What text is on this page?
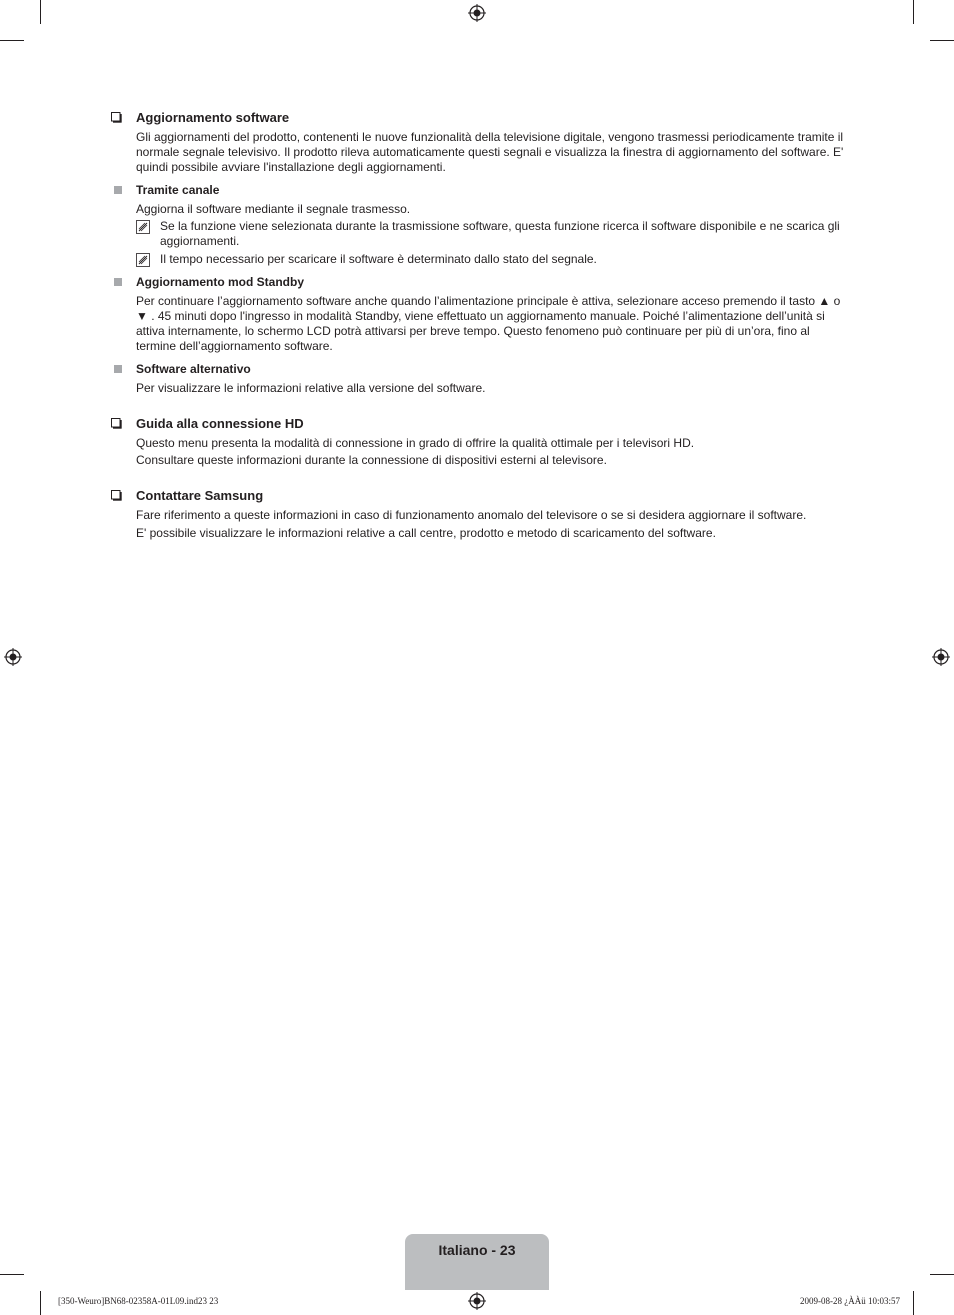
Aggiornamento software
Gli aggiornamenti del prodotto, contenenti le nuove funzionalità della televisione digitale, vengono trasmessi periodicamente tramite il normale segnale televisivo. Il prodotto rileva automaticamente questi segnali e visualizza la finestra di aggiornamento del software. E' quindi possibile avviare l'installazione degli aggiornamenti.
Tramite canale
Aggiorna il software mediante il segnale trasmesso.
Se la funzione viene selezionata durante la trasmissione software, questa funzione ricerca il software disponibile e ne scarica gli aggiornamenti.
Il tempo necessario per scaricare il software è determinato dallo stato del segnale.
Aggiornamento mod Standby
Per continuare l’aggiornamento software anche quando l’alimentazione principale è attiva, selezionare acceso premendo il tasto ▲ o ▼ . 45 minuti dopo l'ingresso in modalità Standby, viene effettuato un aggiornamento manuale. Poiché l’alimentazione dell’unità si attiva internamente, lo schermo LCD potrà attivarsi per breve tempo. Questo fenomeno può continuare per più di un’ora, fino al termine dell’aggiornamento software.
Software alternativo
Per visualizzare le informazioni relative alla versione del software.
Guida alla connessione HD
Questo menu presenta la modalità di connessione in grado di offrire la qualità ottimale per i televisori HD.
Consultare queste informazioni durante la connessione di dispositivi esterni al televisore.
Contattare Samsung
Fare riferimento a queste informazioni in caso di funzionamento anomalo del televisore o se si desidera aggiornare il software.
E' possibile visualizzare le informazioni relative a call centre, prodotto e metodo di scaricamento del software.
Italiano - 23
[350-Weuro]BN68-02358A-01L09.ind23 23	2009-08-28 ¿ÀÀü 10:03:57
